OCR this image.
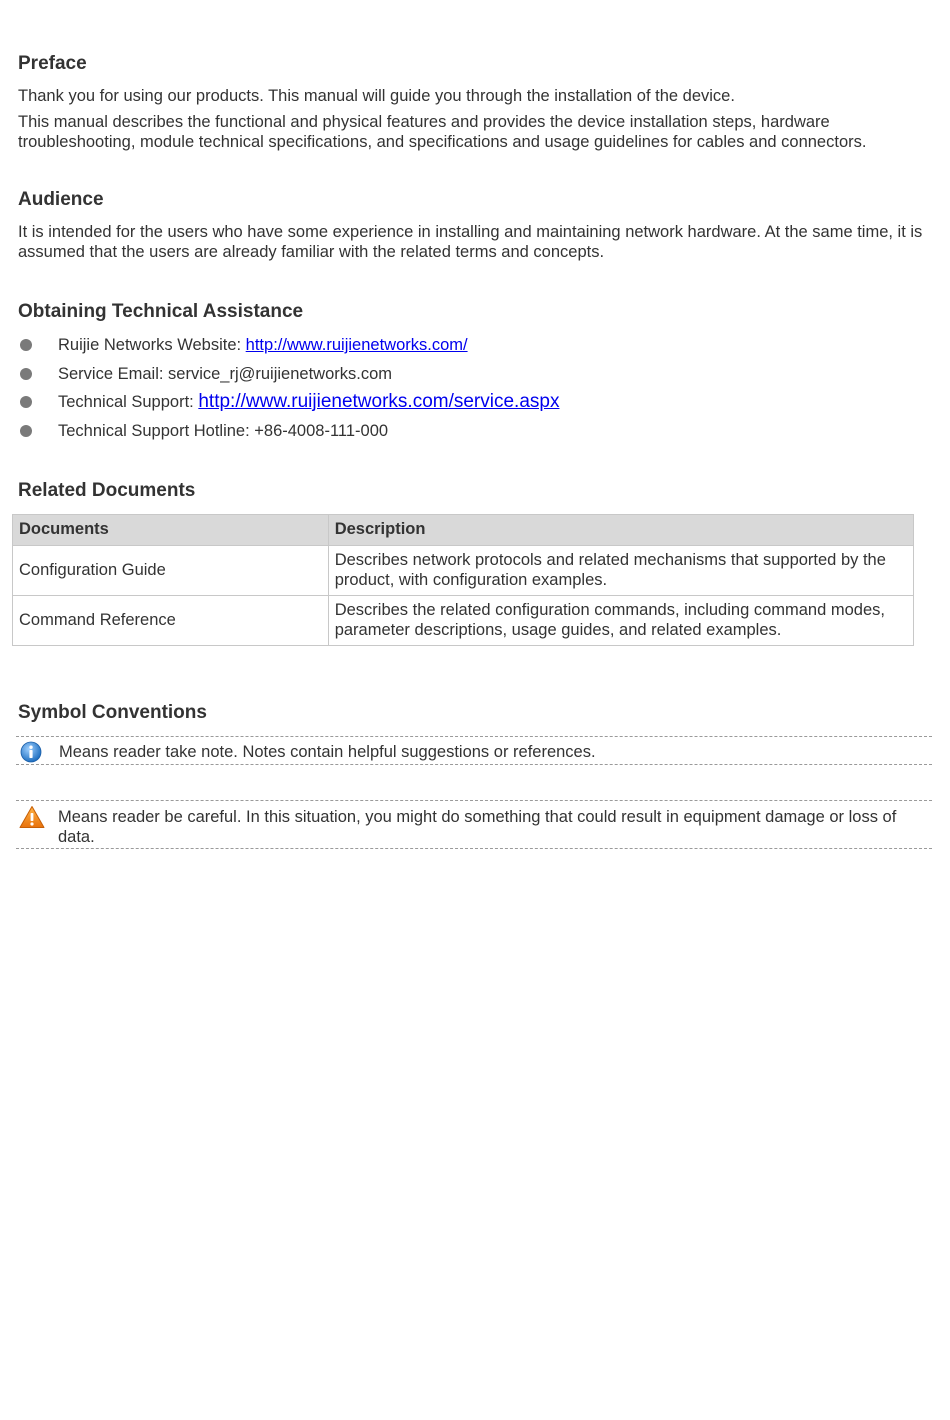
Preface

Thank you for using our products. This manual will guide you through the installation of the device.

This manual describes the functional and physical features and provides the device installation steps, hardware troubleshooting, module technical specifications, and specifications and usage guidelines for cables and connectors.

Audience

It is intended for the users who have some experience in installing and maintaining network hardware. At the same time, it is assumed that the users are already familiar with the related terms and concepts.

Obtaining Technical Assistance
Ruijie Networks Website: http://www.ruijienetworks.com/
Service Email: service_rj@ruijienetworks.com
Technical Support: http://www.ruijienetworks.com/service.aspx
Technical Support Hotline: +86-4008-111-000
Related Documents
Documents	Description
Configuration Guide	Describes network protocols and related mechanisms that supported by the product, with configuration examples.
Command Reference	Describes the related configuration commands, including command modes, parameter descriptions, usage guides, and related examples.
Symbol Conventions
Means reader take note. Notes contain helpful suggestions or references.
Means reader be careful. In this situation, you might do something that could result in equipment damage or loss of data.
